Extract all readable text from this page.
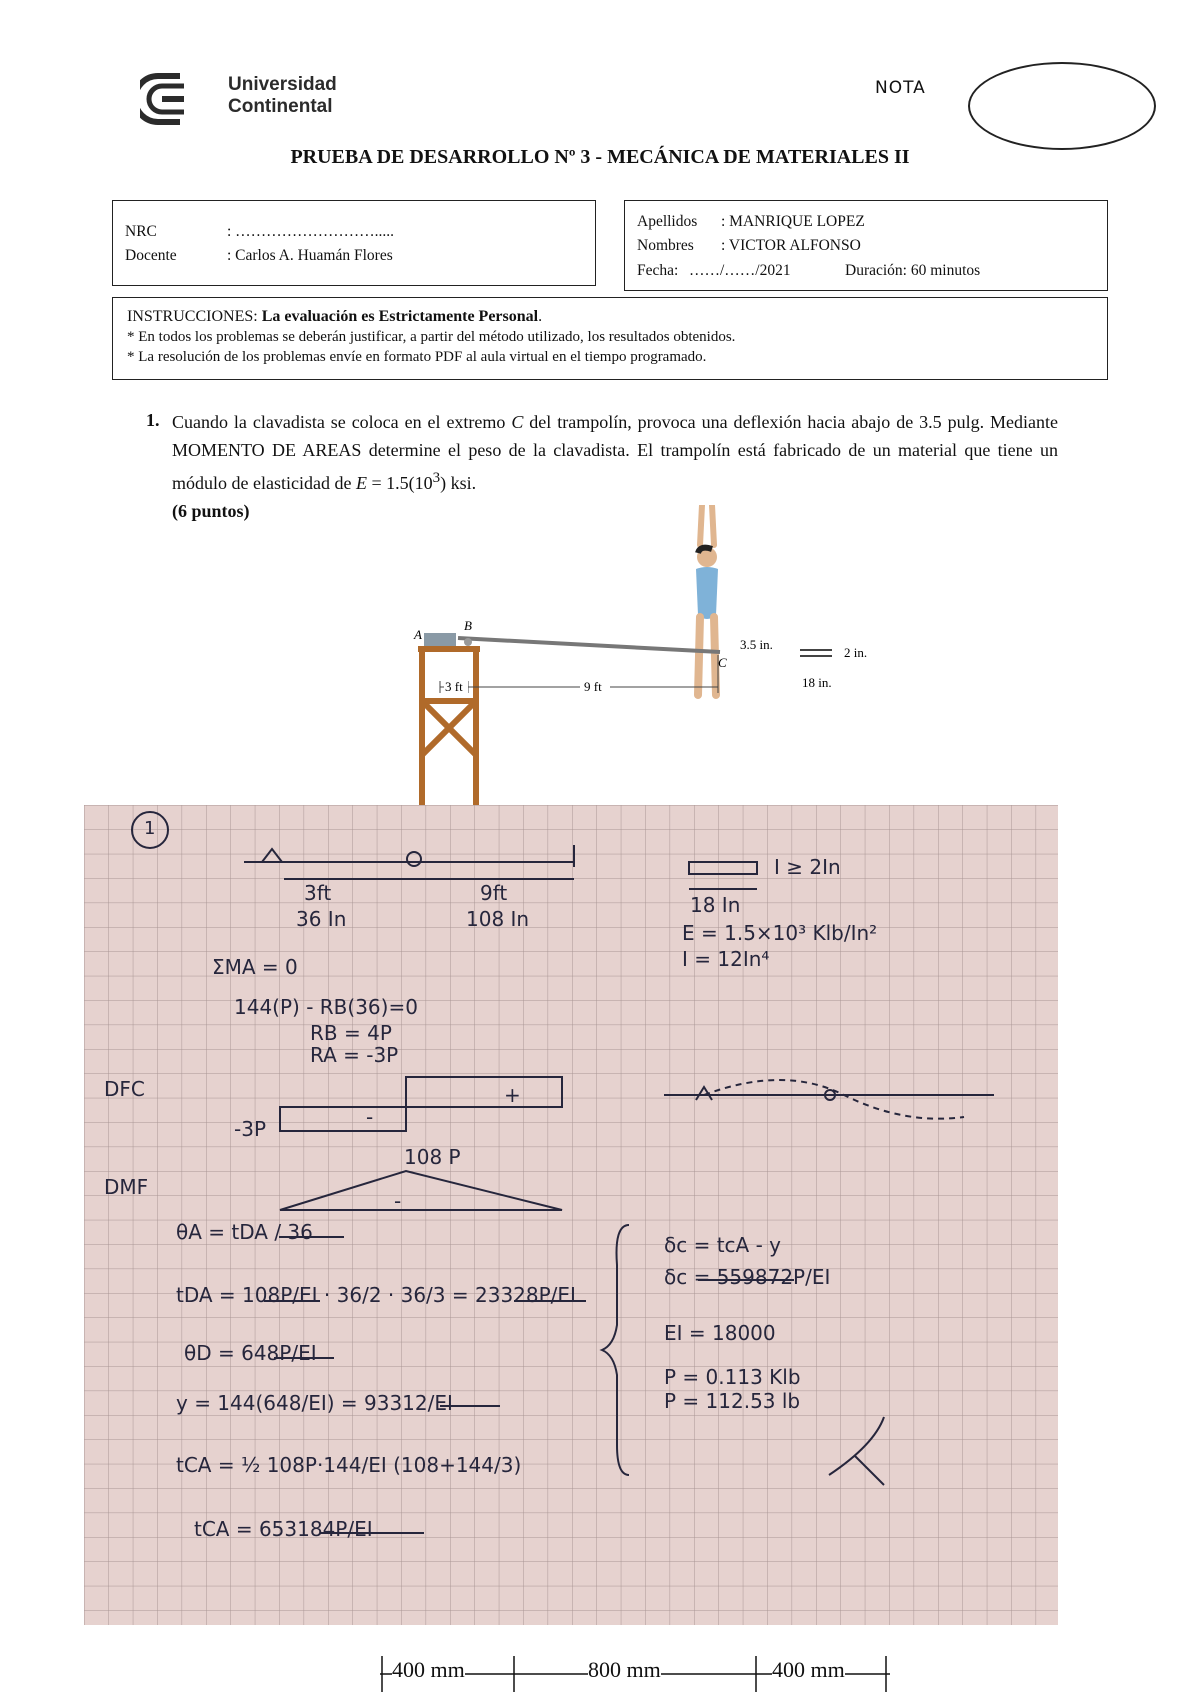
Universidad
Continental
NOTA
PRUEBA DE DESARROLLO Nº 3 - MECÁNICA DE MATERIALES II
NRC	: ……………………….....
Docente	: Carlos A. Huamán Flores
Apellidos : MANRIQUE LOPEZ
Nombres : VICTOR ALFONSO
Fecha: ……/……/2021	Duración: 60 minutos
INSTRUCCIONES: La evaluación es Estrictamente Personal.
* En todos los problemas se deberán justificar, a partir del método utilizado, los resultados obtenidos.
* La resolución de los problemas envíe en formato PDF al aula virtual en el tiempo programado.
1. Cuando la clavadista se coloca en el extremo C del trampolín, provoca una deflexión hacia abajo de 3.5 pulg. Mediante MOMENTO DE AREAS determine el peso de la clavadista. El trampolín está fabricado de un material que tiene un módulo de elasticidad de $E = 1.5(10^3)$ ksi.
(6 puntos)
A
B
C
3.5 in.
3 ft	9 ft
2 in.
18 in.
1
3ft
36 In
9ft
108 In
I ≥ 2In
18 In
E = 1.5×10³ Klb/In²
I = 12In⁴
ΣMA = 0
144(P) - RB(36)=0
RB = 4P
RA = -3P
DFC
-3P
+
-
DMF
108 P
-
θA = tDA / 36
tDA = 108P/EI · 36/2 · 36/3 = 23328P/EI
θD = 648P/EI
y = 144(648/EI) = 93312/EI
tCA = ½ 108P·144/EI (108+144/3)
tCA = 653184P/EI
δc = tcA - y
δc = 559872P/EI
EI = 18000
P = 0.113 Klb
P = 112.53 lb
400 mm	800 mm	400 mm
